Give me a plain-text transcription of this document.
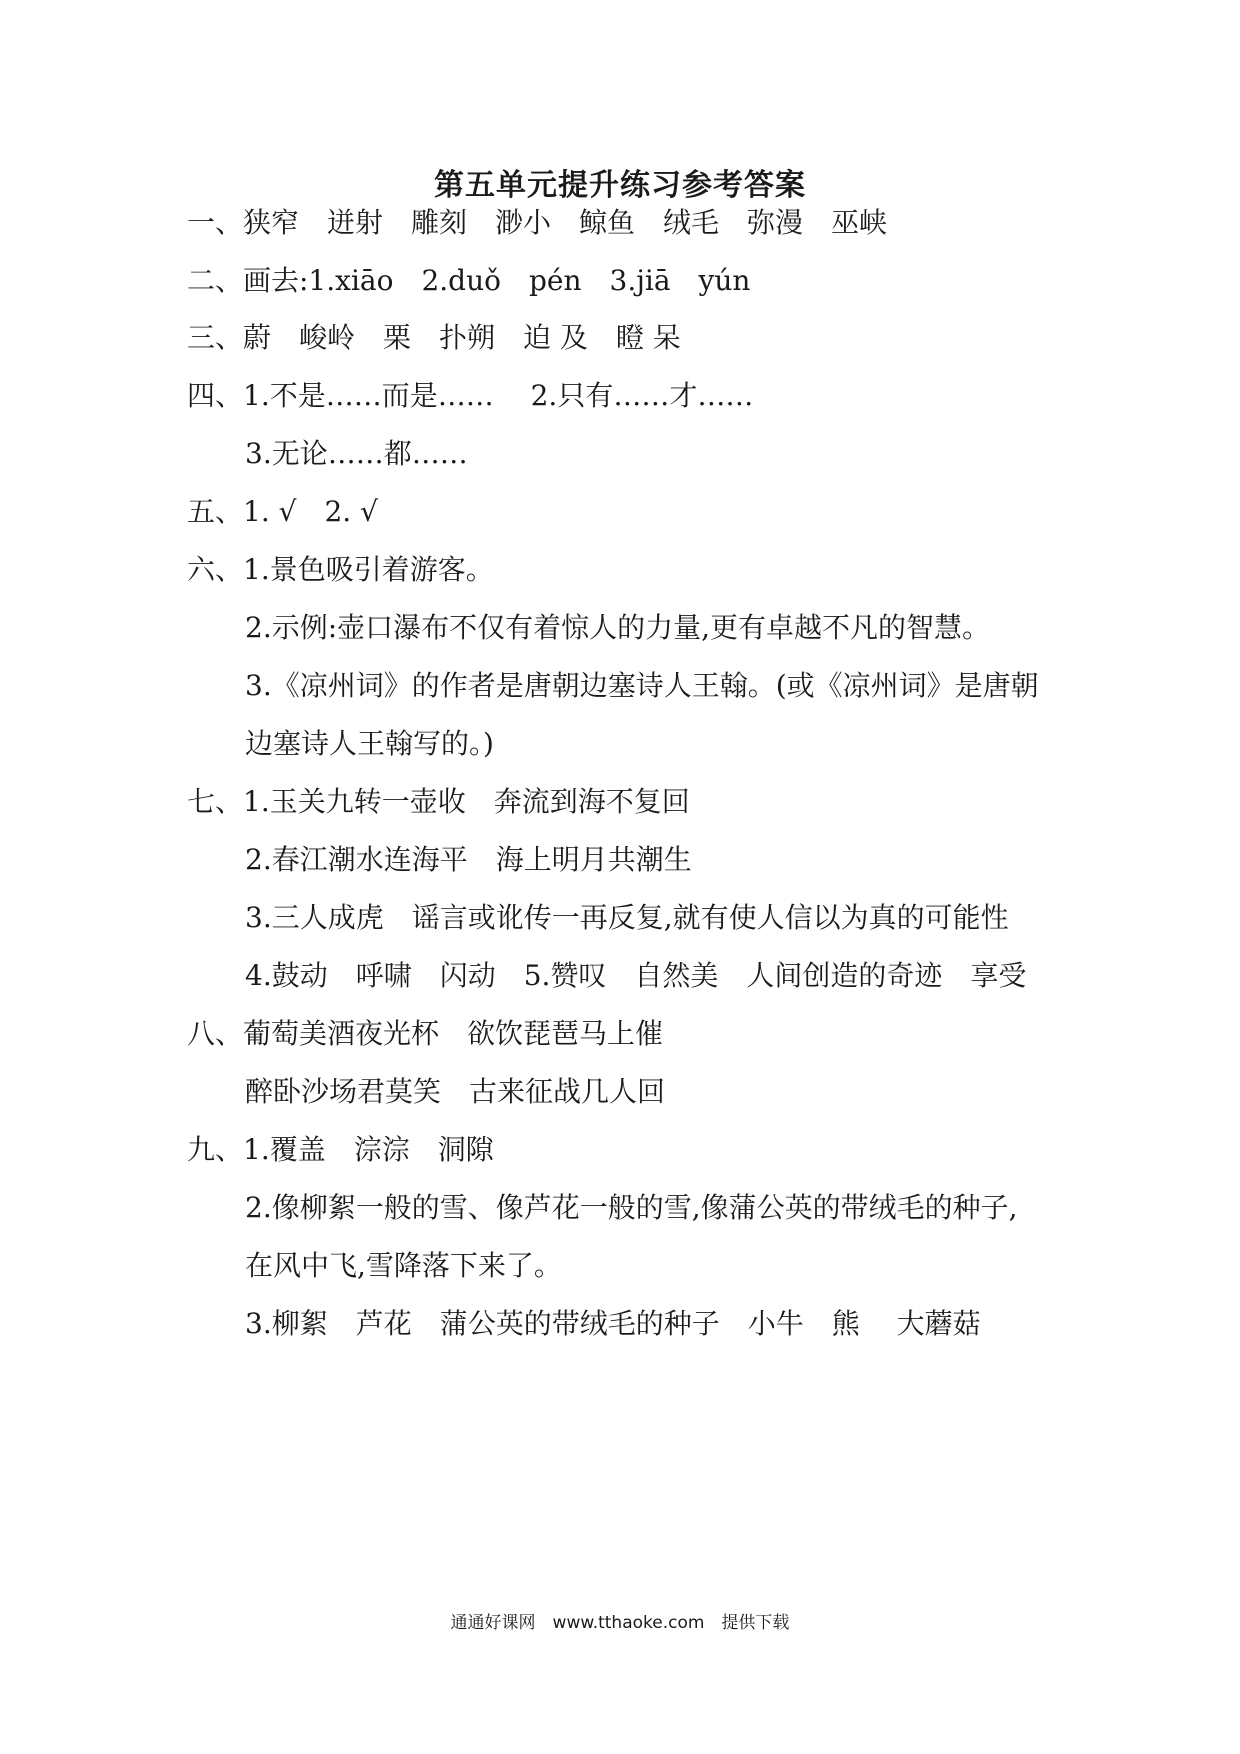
第五单元提升练习参考答案
一、狭窄　迸射　雕刻　渺小　鲸鱼　绒毛　弥漫　巫峡
二、画去:1.xiāo　2.duǒ　pén　3.jiā　yún
三、蔚　峻岭　栗　扑朔　迫 及　瞪 呆
四、1.不是……而是……　 2.只有……才……
3.无论……都……
五、1. √　2. √
六、1.景色吸引着游客。
2.示例:壶口瀑布不仅有着惊人的力量,更有卓越不凡的智慧。
3.《凉州词》的作者是唐朝边塞诗人王翰。(或《凉州词》是唐朝
边塞诗人王翰写的。)
七、1.玉关九转一壶收　奔流到海不复回
2.春江潮水连海平　海上明月共潮生
3.三人成虎　谣言或讹传一再反复,就有使人信以为真的可能性
4.鼓动　呼啸　闪动　5.赞叹　自然美　人间创造的奇迹　享受
八、葡萄美酒夜光杯　欲饮琵琶马上催
醉卧沙场君莫笑　古来征战几人回
九、1.覆盖　淙淙　洞隙
2.像柳絮一般的雪、像芦花一般的雪,像蒲公英的带绒毛的种子,
在风中飞,雪降落下来了。
3.柳絮　芦花　蒲公英的带绒毛的种子　小牛　熊　 大蘑菇
通通好课网　www.tthaoke.com　提供下载
